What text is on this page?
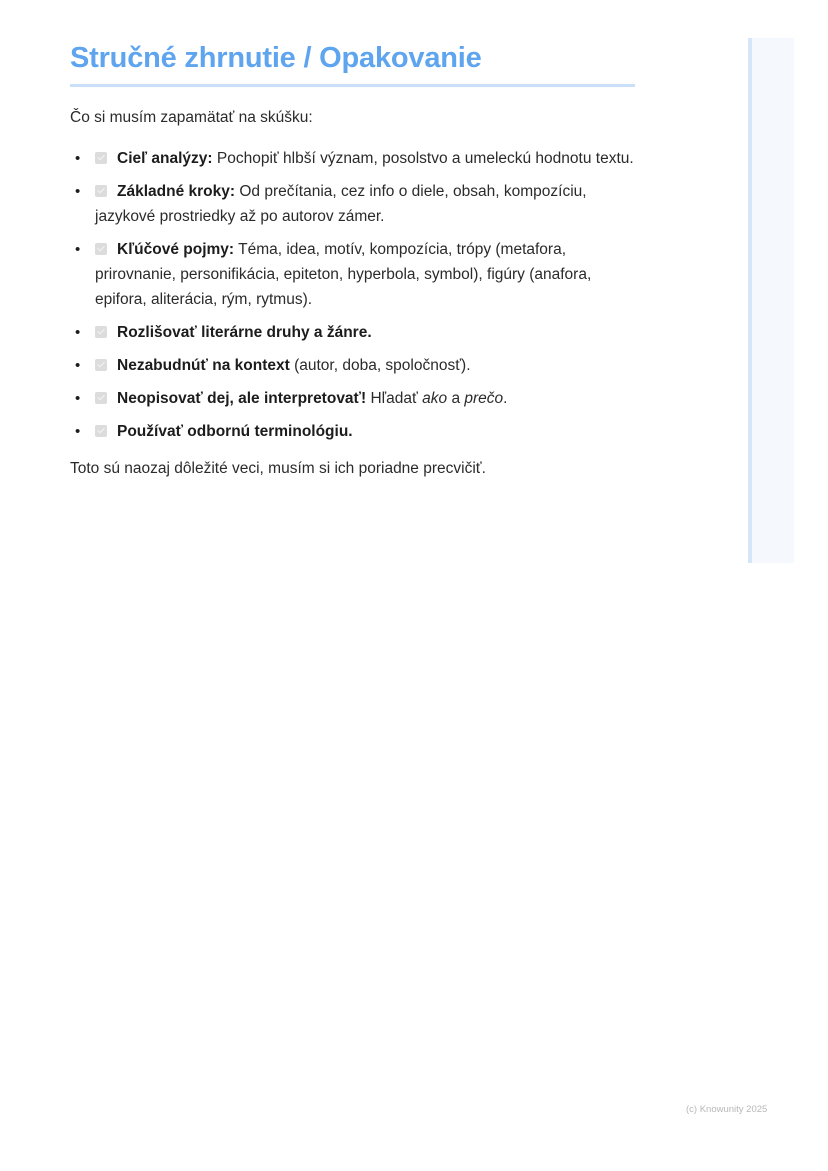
Stručné zhrnutie / Opakovanie

Čo si musím zapamätať na skúšku:

• Cieľ analýzy: Pochopiť hlbší význam, posolstvo a umeleckú hodnotu textu.
• Základné kroky: Od prečítania, cez info o diele, obsah, kompozíciu, jazykové prostriedky až po autorov zámer.
• Kľúčové pojmy: Téma, idea, motív, kompozícia, trópy (metafora, prirovnanie, personifikácia, epiteton, hyperbola, symbol), figúry (anafora, epifora, aliterácia, rým, rytmus).
• Rozlišovať literárne druhy a žánre.
• Nezabudnúť na kontext (autor, doba, spoločnosť).
• Neopisovať dej, ale interpretovať! Hľadať ako a prečo.
• Používať odbornú terminológiu.

Toto sú naozaj dôležité veci, musím si ich poriadne precvičiť.

(c) Knowunity 2025
